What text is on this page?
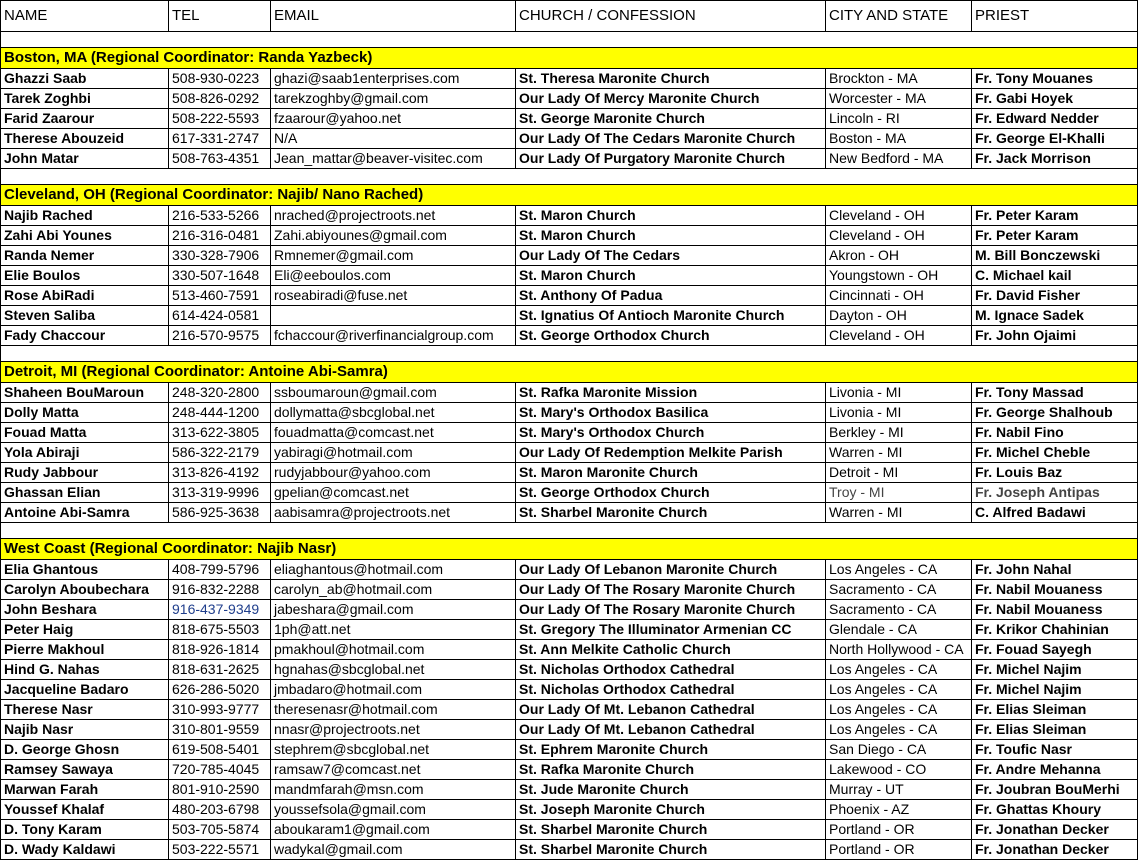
NAME	TEL	EMAIL	CHURCH / CONFESSION	CITY AND STATE	PRIEST

Boston, MA (Regional Coordinator: Randa Yazbeck)					
Ghazzi Saab	508-930-0223	ghazi@saab1enterprises.com	St. Theresa Maronite Church	Brockton - MA	Fr. Tony Mouanes
Tarek Zoghbi	508-826-0292	tarekzoghby@gmail.com	Our Lady Of Mercy Maronite Church	Worcester - MA	Fr. Gabi Hoyek
Farid Zaarour	508-222-5593	fzaarour@yahoo.net	St. George Maronite Church	Lincoln - RI	Fr. Edward Nedder
Therese Abouzeid	617-331-2747	N/A	Our Lady Of The Cedars Maronite Church	Boston - MA	Fr. George El-Khalli
John Matar	508-763-4351	Jean_mattar@beaver-visitec.com	Our Lady Of Purgatory Maronite Church	New Bedford - MA	Fr. Jack Morrison

Cleveland, OH (Regional Coordinator: Najib/ Nano Rached)					
Najib Rached	216-533-5266	nrached@projectroots.net	St. Maron Church	Cleveland - OH	Fr. Peter Karam
Zahi Abi Younes	216-316-0481	Zahi.abiyounes@gmail.com	St. Maron Church	Cleveland - OH	Fr. Peter Karam
Randa Nemer	330-328-7906	Rmnemer@gmail.com	Our Lady Of The Cedars	Akron - OH	M. Bill Bonczewski
Elie Boulos	330-507-1648	Eli@eeboulos.com	St. Maron Church	Youngstown - OH	C. Michael kail
Rose AbiRadi	513-460-7591	roseabiradi@fuse.net	St. Anthony Of Padua	Cincinnati - OH	Fr. David Fisher
Steven Saliba	614-424-0581		St. Ignatius Of Antioch Maronite Church	Dayton - OH	M. Ignace Sadek
Fady Chaccour	216-570-9575	fchaccour@riverfinancialgroup.com	St. George Orthodox Church	Cleveland - OH	Fr. John Ojaimi

Detroit, MI (Regional Coordinator: Antoine Abi-Samra)					
Shaheen BouMaroun	248-320-2800	ssboumaroun@gmail.com	St. Rafka Maronite Mission	Livonia - MI	Fr. Tony Massad
Dolly Matta	248-444-1200	dollymatta@sbcglobal.net	St. Mary's Orthodox Basilica	Livonia - MI	Fr. George Shalhoub
Fouad Matta	313-622-3805	fouadmatta@comcast.net	St. Mary's Orthodox Church	Berkley - MI	Fr. Nabil Fino
Yola Abiraji	586-322-2179	yabiragi@hotmail.com	Our Lady Of Redemption Melkite Parish	Warren - MI	Fr. Michel Cheble
Rudy Jabbour	313-826-4192	rudyjabbour@yahoo.com	St. Maron Maronite Church	Detroit - MI	Fr. Louis Baz
Ghassan Elian	313-319-9996	gpelian@comcast.net	St. George Orthodox Church	Troy - MI	Fr. Joseph Antipas
Antoine Abi-Samra	586-925-3638	aabisamra@projectroots.net	St. Sharbel Maronite Church	Warren - MI	C. Alfred Badawi

West Coast (Regional Coordinator: Najib Nasr)					
Elia Ghantous	408-799-5796	eliaghantous@hotmail.com	Our Lady Of Lebanon Maronite Church	Los Angeles - CA	Fr. John Nahal
Carolyn Aboubechara	916-832-2288	carolyn_ab@hotmail.com	Our Lady Of The Rosary Maronite Church	Sacramento - CA	Fr. Nabil Mouaness
John Beshara	916-437-9349	jabeshara@gmail.com	Our Lady Of The Rosary Maronite Church	Sacramento - CA	Fr. Nabil Mouaness
Peter Haig	818-675-5503	1ph@att.net	St. Gregory The Illuminator Armenian CC	Glendale - CA	Fr. Krikor Chahinian
Pierre Makhoul	818-926-1814	pmakhoul@hotmail.com	St. Ann Melkite Catholic Church	North Hollywood - CA	Fr. Fouad Sayegh
Hind G. Nahas	818-631-2625	hgnahas@sbcglobal.net	St. Nicholas Orthodox Cathedral	Los Angeles - CA	Fr. Michel Najim
Jacqueline Badaro	626-286-5020	jmbadaro@hotmail.com	St. Nicholas Orthodox Cathedral	Los Angeles - CA	Fr. Michel Najim
Therese Nasr	310-993-9777	theresenasr@hotmail.com	Our Lady Of Mt. Lebanon Cathedral	Los Angeles - CA	Fr. Elias Sleiman
Najib Nasr	310-801-9559	nnasr@projectroots.net	Our Lady Of Mt. Lebanon Cathedral	Los Angeles - CA	Fr. Elias Sleiman
D. George Ghosn	619-508-5401	stephrem@sbcglobal.net	St. Ephrem Maronite Church	San Diego - CA	Fr. Toufic Nasr
Ramsey Sawaya	720-785-4045	ramsaw7@comcast.net	St. Rafka Maronite Church	Lakewood - CO	Fr. Andre Mehanna
Marwan Farah	801-910-2590	mandmfarah@msn.com	St. Jude Maronite Church	Murray - UT	Fr. Joubran BouMerhi
Youssef Khalaf	480-203-6798	youssefsola@gmail.com	St. Joseph Maronite Church	Phoenix - AZ	Fr. Ghattas Khoury
D. Tony Karam	503-705-5874	aboukaram1@gmail.com	St. Sharbel Maronite Church	Portland - OR	Fr. Jonathan Decker
D. Wady Kaldawi	503-222-5571	wadykal@gmail.com	St. Sharbel Maronite Church	Portland - OR	Fr. Jonathan Decker
